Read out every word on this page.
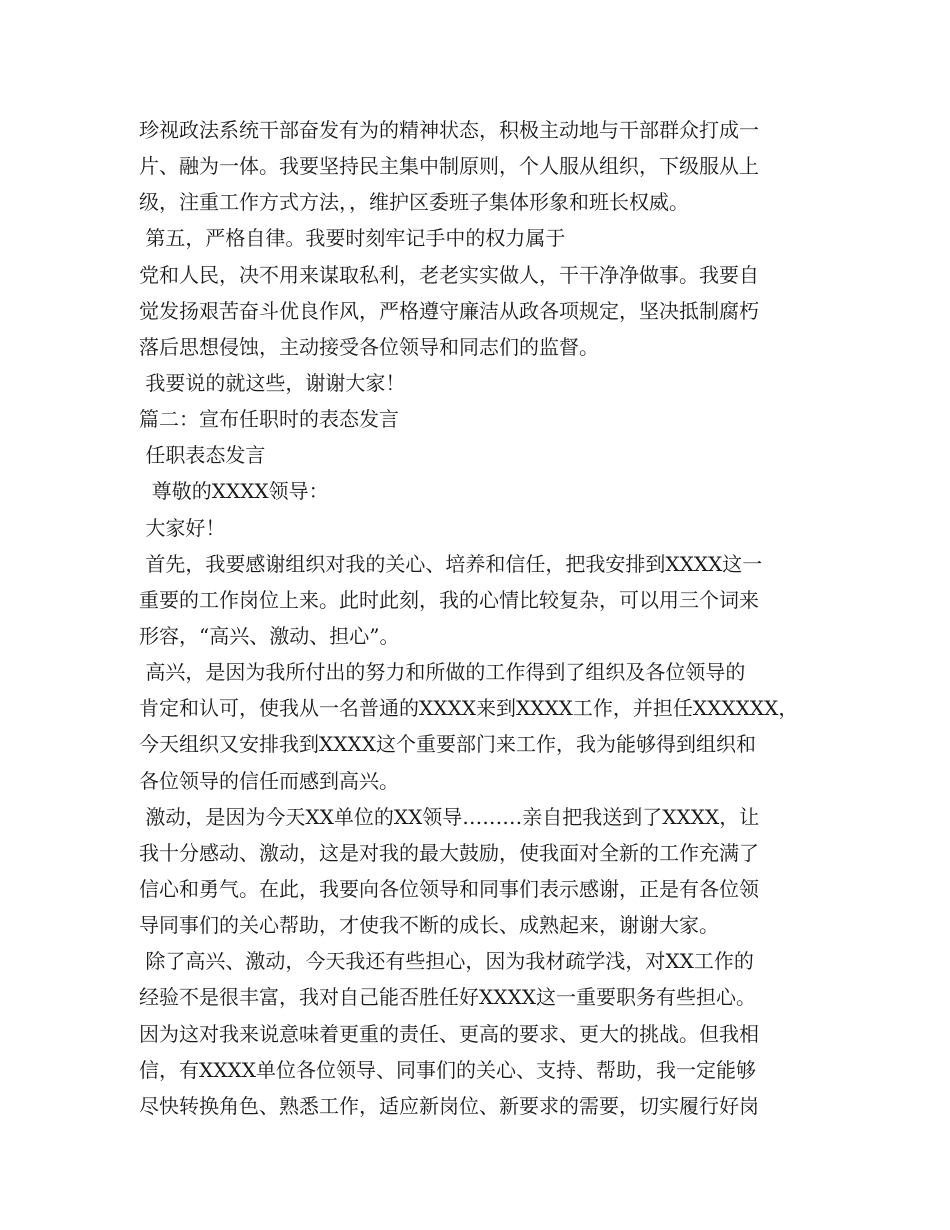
珍视政法系统干部奋发有为的精神状态，积极主动地与干部群众打成一
片、融为一体。我要坚持民主集中制原则，个人服从组织，下级服从上
级，注重工作方式方法，，维护区委班子集体形象和班长权威。
第五，严格自律。我要时刻牢记手中的权力属于
党和人民，决不用来谋取私利，老老实实做人，干干净净做事。我要自
觉发扬艰苦奋斗优良作风，严格遵守廉洁从政各项规定，坚决抵制腐朽
落后思想侵蚀，主动接受各位领导和同志们的监督。
我要说的就这些，谢谢大家！
篇二：宣布任职时的表态发言
任职表态发言
尊敬的XXXX领导：
大家好！
首先，我要感谢组织对我的关心、培养和信任，把我安排到XXXX这一
重要的工作岗位上来。此时此刻，我的心情比较复杂，可以用三个词来
形容，“高兴、激动、担心”。
高兴，是因为我所付出的努力和所做的工作得到了组织及各位领导的
肯定和认可，使我从一名普通的XXXX来到XXXX工作，并担任XXXXXX，
今天组织又安排我到XXXX这个重要部门来工作，我为能够得到组织和
各位领导的信任而感到高兴。
激动，是因为今天XX单位的XX领导………亲自把我送到了XXXX，让
我十分感动、激动，这是对我的最大鼓励，使我面对全新的工作充满了
信心和勇气。在此，我要向各位领导和同事们表示感谢，正是有各位领
导同事们的关心帮助，才使我不断的成长、成熟起来，谢谢大家。
除了高兴、激动，今天我还有些担心，因为我材疏学浅，对XX工作的
经验不是很丰富，我对自己能否胜任好XXXX这一重要职务有些担心。
因为这对我来说意味着更重的责任、更高的要求、更大的挑战。但我相
信，有XXXX单位各位领导、同事们的关心、支持、帮助，我一定能够
尽快转换角色、熟悉工作，适应新岗位、新要求的需要，切实履行好岗
